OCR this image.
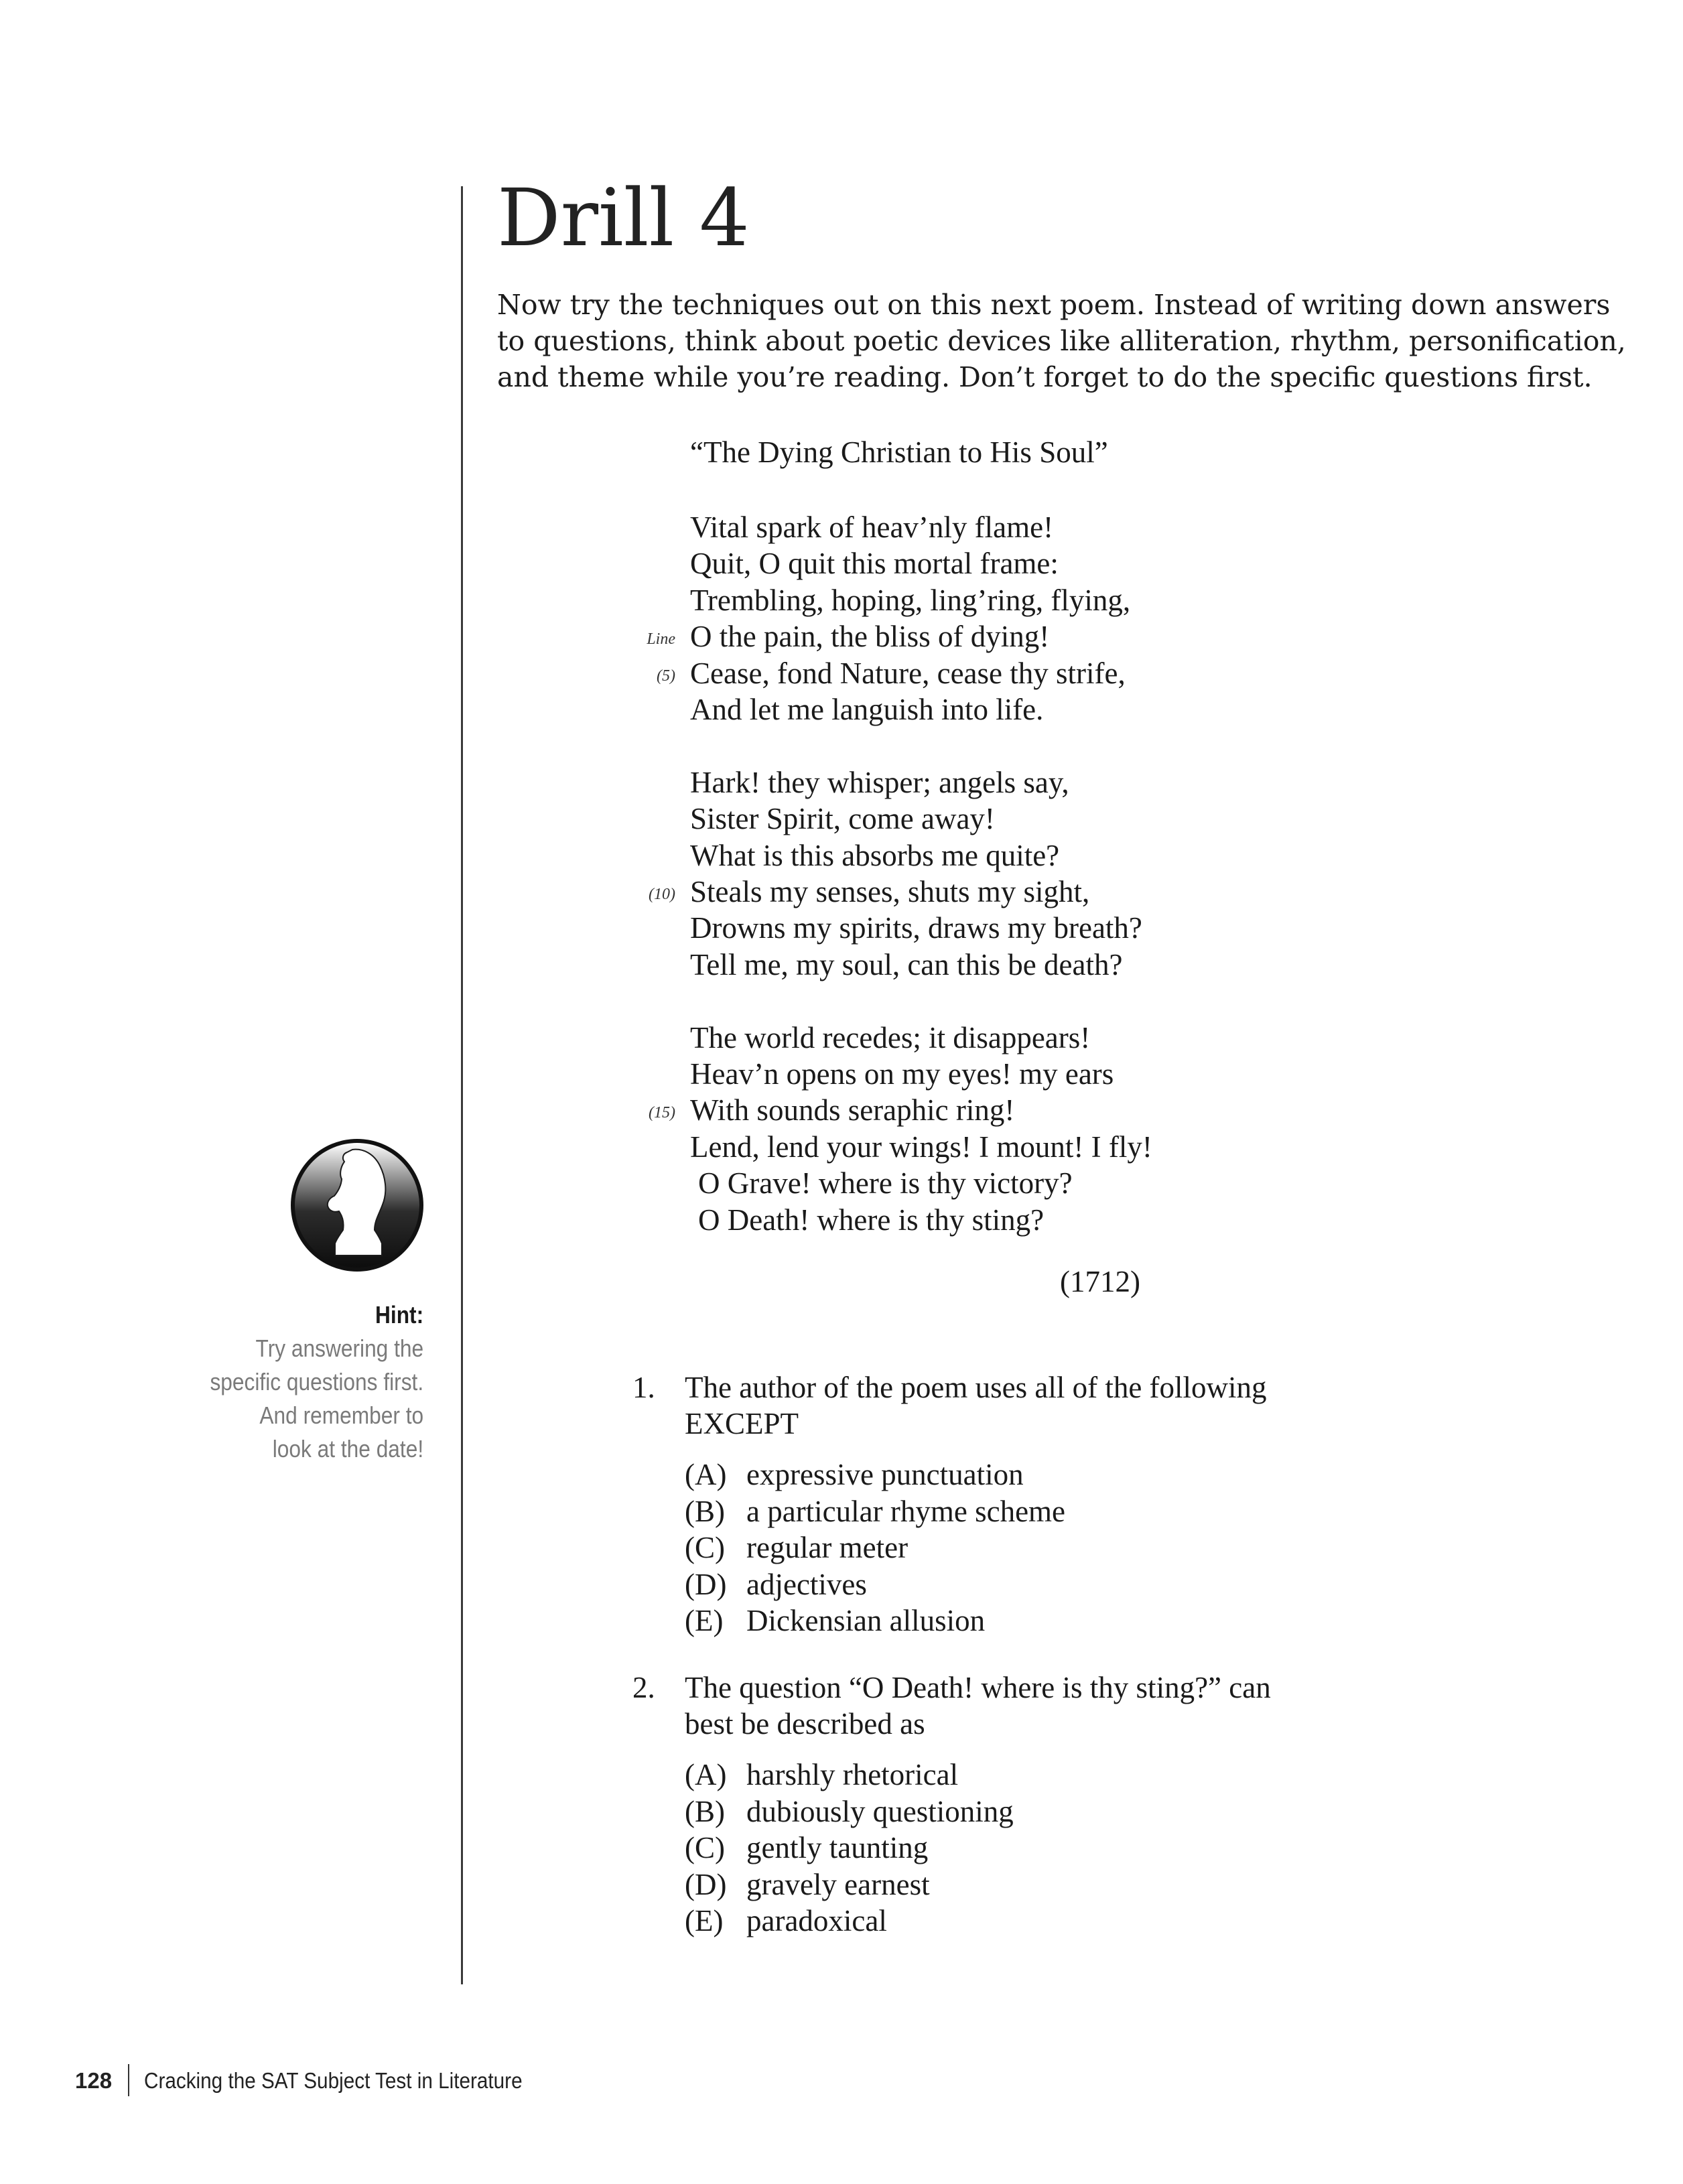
Drill 4

Now try the techniques out on this next poem. Instead of writing down answers

to questions, think about poetic devices like alliteration, rhythm, personification,

and theme while you’re reading. Don’t forget to do the specific questions first.

“The Dying Christian to His Soul”
Vital spark of heav’nly flame!
Quit, O quit this mortal frame:
Trembling, hoping, ling’ring, flying,
Line O the pain, the bliss of dying!
(5) Cease, fond Nature, cease thy strife,
And let me languish into life.
Hark! they whisper; angels say,
Sister Spirit, come away!
What is this absorbs me quite?
(10) Steals my senses, shuts my sight,
Drowns my spirits, draws my breath?
Tell me, my soul, can this be death?
The world recedes; it disappears!
Heav’n opens on my eyes! my ears
(15) With sounds seraphic ring!
Lend, lend your wings! I mount! I fly!
O Grave! where is thy victory?
O Death! where is thy sting?
(1712)
1. The author of the poem uses all of the following
EXCEPT
(A) expressive punctuation
(B) a particular rhyme scheme
(C) regular meter
(D) adjectives
(E) Dickensian allusion
2. The question “O Death! where is thy sting?” can
best be described as
(A) harshly rhetorical
(B) dubiously questioning
(C) gently taunting
(D) gravely earnest
(E) paradoxical
Hint:
Try answering the
specific questions first.
And remember to
look at the date!
128 Cracking the SAT Subject Test in Literature
